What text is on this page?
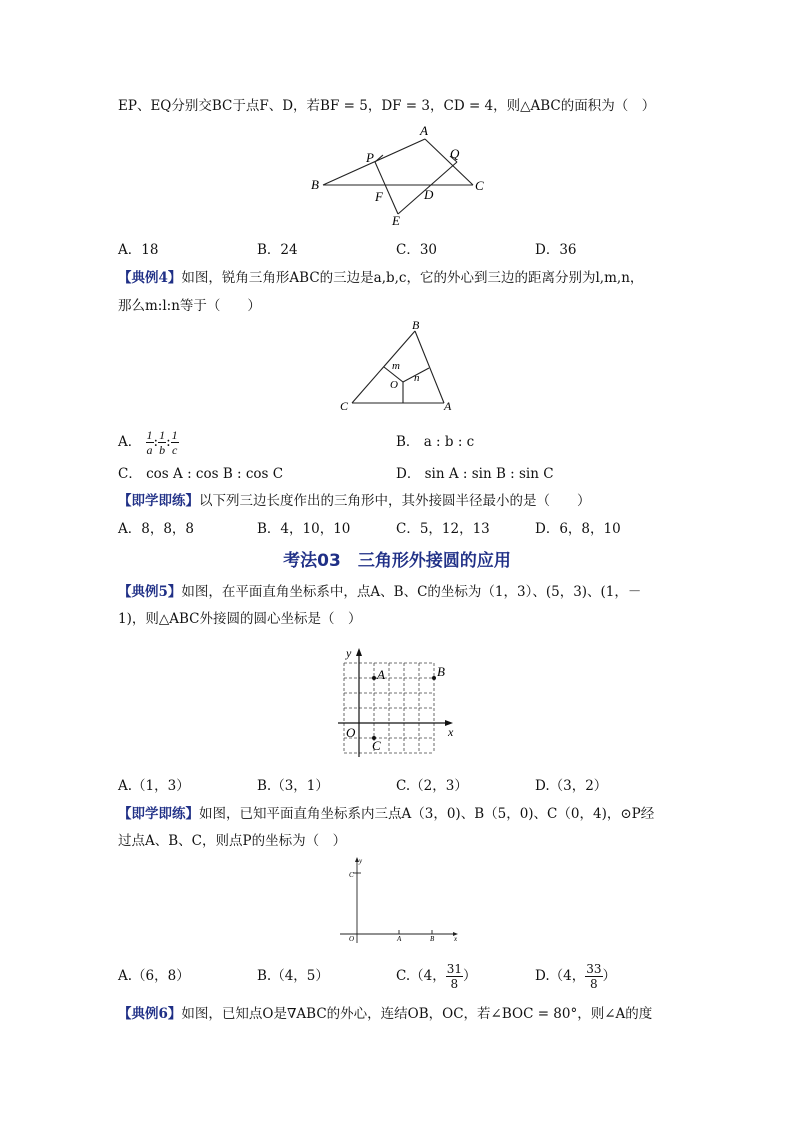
EP、EQ分别交BC于点F、D，若BF = 5，DF = 3，CD = 4，则△ABC的面积为（　）
A
P	Q
B
F	D
C
E
A．18	B．24	C．30	D．36
【典例4】如图，锐角三角形ABC的三边是a,b,c，它的外心到三边的距离分别为l,m,n，
那么m:l:n等于（　　）
B
m
O
n
C	A
A． $\frac{1}{a}$ : $\frac{1}{b}$ : $\frac{1}{c}$	B． a : b : c
C． cos A : cos B : cos C	D． sin A : sin B : sin C
【即学即练】以下列三边长度作出的三角形中，其外接圆半径最小的是（　　）
A．8，8，8	B．4，10，10	C．5，12，13	D．6，8，10
考法03　三角形外接圆的应用
【典例5】如图，在平面直角坐标系中，点A、B、C的坐标为（1，3）、(5，3)、(1，－
1)，则△ABC外接圆的圆心坐标是（　）
y
A	B
O
C
x
A.（1，3）	B.（3，1）	C.（2，3）	D.（3，2）
【即学即练】如图，已知平面直角坐标系内三点A（3，0)、B（5，0)、C（0，4)，⊙P经
过点A、B、C，则点P的坐标为（　）
y
C
O	A	B	x
A.（6，8）	B.（4，5）	C.（4， $\frac{31}{8}$ ）	D.（4， $\frac{33}{8}$ ）
【典例6】如图，已知点O是∇ABC的外心，连结OB，OC，若∠BOC = 80°，则∠A的度
